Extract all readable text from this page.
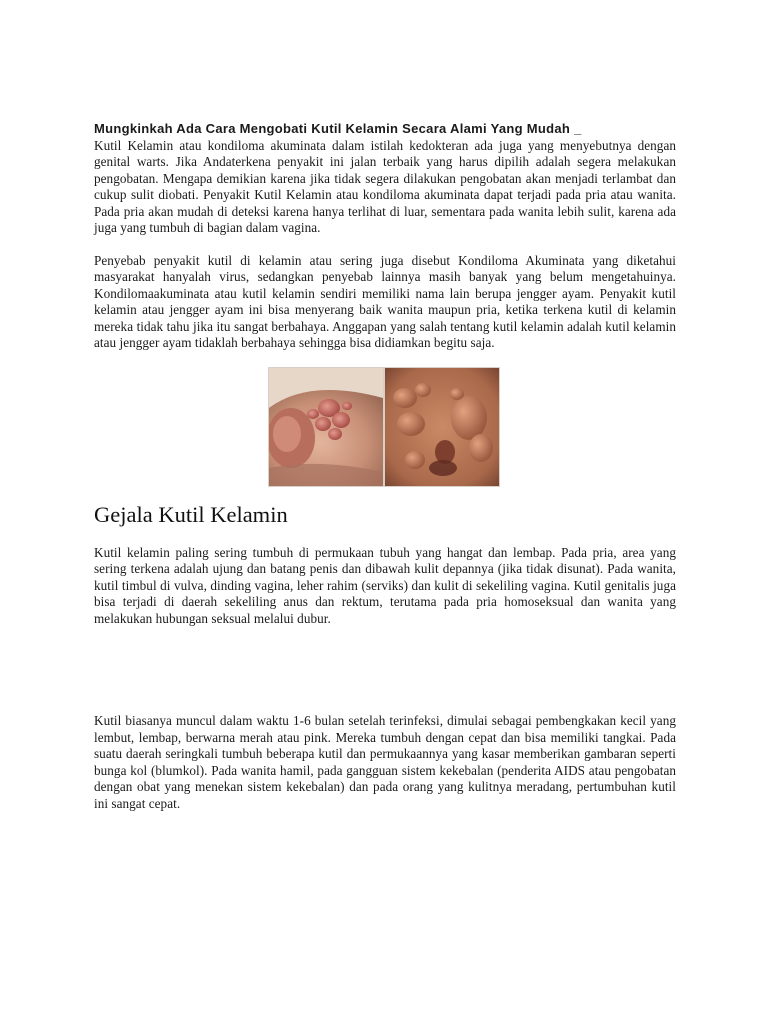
Mungkinkah Ada Cara Mengobati Kutil Kelamin Secara Alami Yang Mudah _
Kutil Kelamin atau kondiloma akuminata dalam istilah kedokteran ada juga yang menyebutnya dengan genital warts. Jika Andaterkena penyakit ini jalan terbaik yang harus dipilih adalah segera melakukan pengobatan. Mengapa demikian karena jika tidak segera dilakukan pengobatan akan menjadi terlambat dan cukup sulit diobati. Penyakit Kutil Kelamin atau kondiloma akuminata dapat terjadi pada pria atau wanita. Pada pria akan mudah di deteksi karena hanya terlihat di luar, sementara pada wanita lebih sulit, karena ada juga yang tumbuh di bagian dalam vagina.

Penyebab penyakit kutil di kelamin atau sering juga disebut Kondiloma Akuminata yang diketahui masyarakat hanyalah virus, sedangkan penyebab lainnya masih banyak yang belum mengetahuinya. Kondilomaakuminata atau kutil kelamin sendiri memiliki nama lain berupa jengger ayam. Penyakit kutil kelamin atau jengger ayam ini bisa menyerang baik wanita maupun pria, ketika terkena kutil di kelamin mereka tidak tahu jika itu sangat berbahaya. Anggapan yang salah tentang kutil kelamin adalah kutil kelamin atau jengger ayam tidaklah berbahaya sehingga bisa didiamkan begitu saja.

Gejala Kutil Kelamin

Kutil kelamin paling sering tumbuh di permukaan tubuh yang hangat dan lembap. Pada pria, area yang sering terkena adalah ujung dan batang penis dan dibawah kulit depannya (jika tidak disunat). Pada wanita, kutil timbul di vulva, dinding vagina, leher rahim (serviks) dan kulit di sekeliling vagina. Kutil genitalis juga bisa terjadi di daerah sekeliling anus dan rektum, terutama pada pria homoseksual dan wanita yang melakukan hubungan seksual melalui dubur.

Kutil biasanya muncul dalam waktu 1-6 bulan setelah terinfeksi, dimulai sebagai pembengkakan kecil yang lembut, lembap, berwarna merah atau pink. Mereka tumbuh dengan cepat dan bisa memiliki tangkai. Pada suatu daerah seringkali tumbuh beberapa kutil dan permukaannya yang kasar memberikan gambaran seperti bunga kol (blumkol). Pada wanita hamil, pada gangguan sistem kekebalan (penderita AIDS atau pengobatan dengan obat yang menekan sistem kekebalan) dan pada orang yang kulitnya meradang, pertumbuhan kutil ini sangat cepat.
